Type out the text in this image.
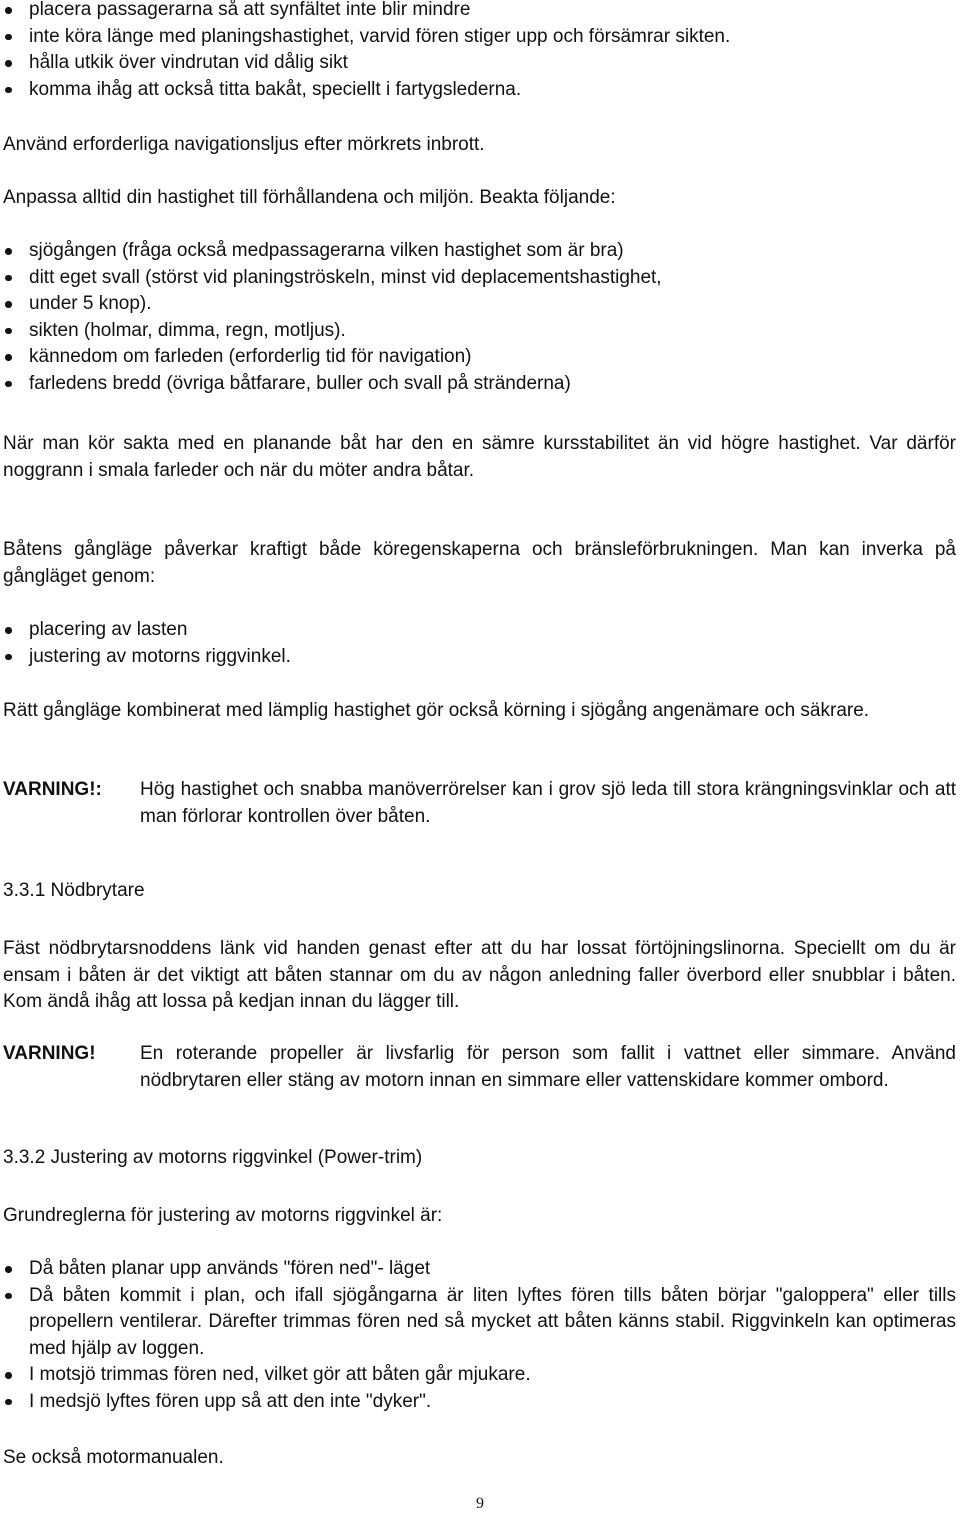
placera passagerarna så att synfältet inte blir mindre
inte köra länge med planingshastighet, varvid fören stiger upp och försämrar sikten.
hålla utkik över vindrutan vid dålig sikt
komma ihåg att också titta bakåt, speciellt i fartygslederna.

Använd erforderliga navigationsljus efter mörkrets inbrott.

Anpassa alltid din hastighet till förhållandena och miljön. Beakta följande:

sjögången (fråga också medpassagerarna vilken hastighet som är bra)
ditt eget svall (störst vid planingströskeln, minst vid deplacementshastighet,
under 5 knop).
sikten (holmar, dimma, regn, motljus).
kännedom om farleden (erforderlig tid för navigation)
farledens bredd (övriga båtfarare, buller och svall på stränderna)

När man kör sakta med en planande båt har den en sämre kursstabilitet än vid högre hastighet. Var därför noggrann i smala farleder och när du möter andra båtar.

Båtens gångläge påverkar kraftigt både köregenskaperna och bränsleförbrukningen. Man kan inverka på gångläget genom:

placering av lasten
justering av motorns riggvinkel.

Rätt gångläge kombinerat med lämplig hastighet gör också körning i sjögång angenämare och säkrare.

VARNING!:	Hög hastighet och snabba manöverrörelser kan i grov sjö leda till stora krängningsvinklar och att man förlorar kontrollen över båten.

3.3.1 Nödbrytare

Fäst nödbrytarsnoddens länk vid handen genast efter att du har lossat förtöjningslinorna. Speciellt om du är ensam i båten är det viktigt att båten stannar om du av någon anledning faller överbord eller snubblar i båten. Kom ändå ihåg att lossa på kedjan innan du lägger till.

VARNING!	En roterande propeller är livsfarlig för person som fallit i vattnet eller simmare. Använd nödbrytaren eller stäng av motorn innan en simmare eller vattenskidare kommer ombord.

3.3.2 Justering av motorns riggvinkel (Power-trim)

Grundreglerna för justering av motorns riggvinkel är:

Då båten planar upp används "fören ned"- läget
Då båten kommit i plan, och ifall sjögångarna är liten lyftes fören tills båten börjar "galoppera" eller tills propellern ventilerar. Därefter trimmas fören ned så mycket att båten känns stabil. Riggvinkeln kan optimeras med hjälp av loggen.
I motsjö trimmas fören ned, vilket gör att båten går mjukare.
I medsjö lyftes fören upp så att den inte "dyker".

Se också motormanualen.

9
